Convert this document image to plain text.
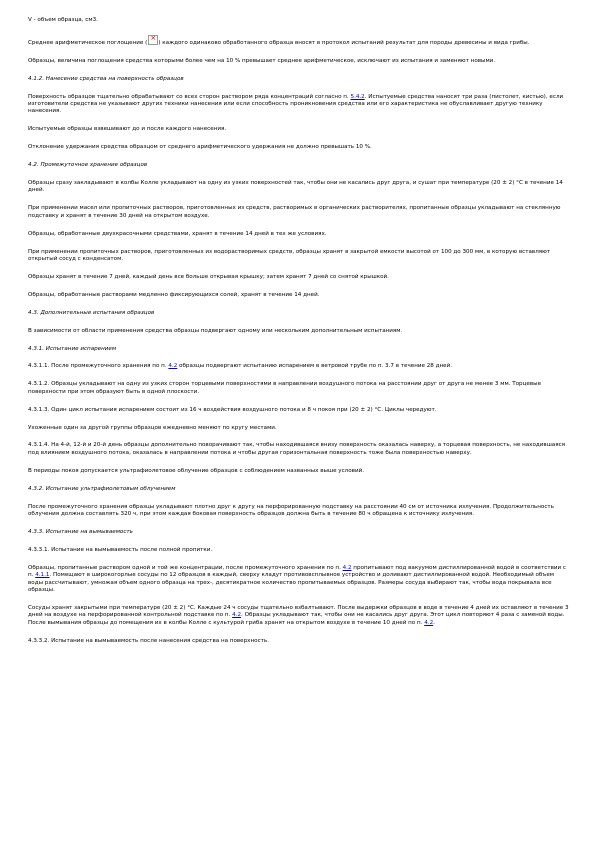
V - объем образца, см3.

Среднее арифметическое поглощение (× ) каждого одинаково обработанного образца вносят в протокол испытаний результат для породы древесины и вида грибы.

Образцы, величина поглощения средства которыми более чем на 10 % превышает среднее арифметическое, исключают из испытания и заменяют новыми.

4.1.2. Нанесение средства на поверхность образцов

Поверхность образцов тщательно обрабатывают со всех сторон раствором ряда концентраций согласно п. 5.4.2. Испытуемые средства наносят три раза (пистолет, кистью), если изготовители средства не указывают других техники нанесения или если способность проникновения средства или его характеристика не обуславливает другую технику нанесения.

Испытуемые образцы взвешивают до и после каждого нанесения.

Отклонение удержания средства образцом от среднего арифметического удержания не должно превышать 10 %.

4.2. Промежуточное хранение образцов

Образцы сразу закладывают в колбы Колле укладывают на одну из узких поверхностей так, чтобы они не касались друг друга, и сушат при температуре (20 ± 2) °С в течение 14 дней.

При применении масел или пропиточных растворов, приготовленных из средств, растворимых в органических растворителях, пропитанные образцы укладывают на стеклянную подставку и хранят в течение 30 дней на открытом воздухе.

Образцы, обработанные двухкрасочными средствами, хранят в течение 14 дней в тех же условиях.

При применении пропиточных растворов, приготовленных из водорастворимых средств, образцы хранят в закрытой емкости высотой от 100 до 300 мм, в которую вставляют открытый сосуд с конденсатом.

Образцы хранят в течение 7 дней, каждый день все больше открывая крышку; затем хранят 7 дней со снятой крышкой.

Образцы, обработанные растворами медленно фиксирующихся солей, хранят в течение 14 дней.

4.3. Дополнительные испытания образцов

В зависимости от области применения средства образцы подвергают одному или нескольким дополнительным испытаниям.

4.3.1. Испытание испарением

4.3.1.1. После промежуточного хранения по п. 4.2 образцы подвергают испытанию испарением в ветровой трубе по п. 3.7 в течение 28 дней.

4.3.1.2. Образцы укладывают на одну из узких сторон торцевыми поверхностями в направлении воздушного потока на расстоянии друг от друга не менее 3 мм. Торцевые поверхности при этом образуют быть в одной плоскости.

4.3.1.3. Один цикл испытания испарением состоит из 16 ч воздействия воздушного потока и 8 ч покоя при (20 ± 2) °С. Циклы чередуют.

Ухоженные один за другой группы образцов ежедневно меняют по кругу местами.

4.3.1.4. На 4-й, 12-й и 20-й день образцы дополнительно поворачивают так, чтобы находившаяся внизу поверхность оказалась наверху, а торцевая поверхность, не находившаяся под влиянием воздушного потока, оказалась в направлении потока и чтобы другая горизонтальная поверхность тоже была поверхностью наверху.

В периоды покоя допускается ультрафиолетовое облучение образцов с соблюдением названных выше условий.

4.3.2. Испытание ультрафиолетовым облучением

После промежуточного хранения образцы укладывают плотно друг к другу на перфорированную подставку на расстоянии 40 см от источника излучения. Продолжительность облучения должна составлять 320 ч, при этом каждая боковая поверхность образцов должна быть в течение 80 ч обращена к источнику излучения.

4.3.3. Испытание на вымываемость

4.3.3.1. Испытание на вымываемость после полной пропитки.

Образцы, пропитанные раствором одной и той же концентрации, после промежуточного хранения по п. 4.2 пропитывают под вакуумом дистиллированной водой в соответствии с п. 4.1.1. Помещают в широкогорлые сосуды по 12 образцов в каждый, сверху кладут противовсплывное устройство и доливают дистиллированной водой. Необходимый объем воды рассчитывают, умножая объем одного образца на трех-, десятикратное количество пропитываемых образцов. Размеры сосуда выбирают так, чтобы вода покрывала все образцы.

Сосуды хранят закрытыми при температуре (20 ± 2) °С. Каждые 24 ч сосуды тщательно взбалтывают. После выдержки образцов в воде в течение 4 дней их оставляют в течение 3 дней на воздухе на перфорированной контрольной подставке по п. 4.2. Образцы укладывают так, чтобы они не касались друг друга. Этот цикл повторяют 4 раза с заменой воды. После вымывания образцы до помещения их в колбы Колле с культурой гриба хранят на открытом воздухе в течение 10 дней по п. 4.2.

4.3.3.2. Испытание на вымываемость после нанесения средства на поверхность.
